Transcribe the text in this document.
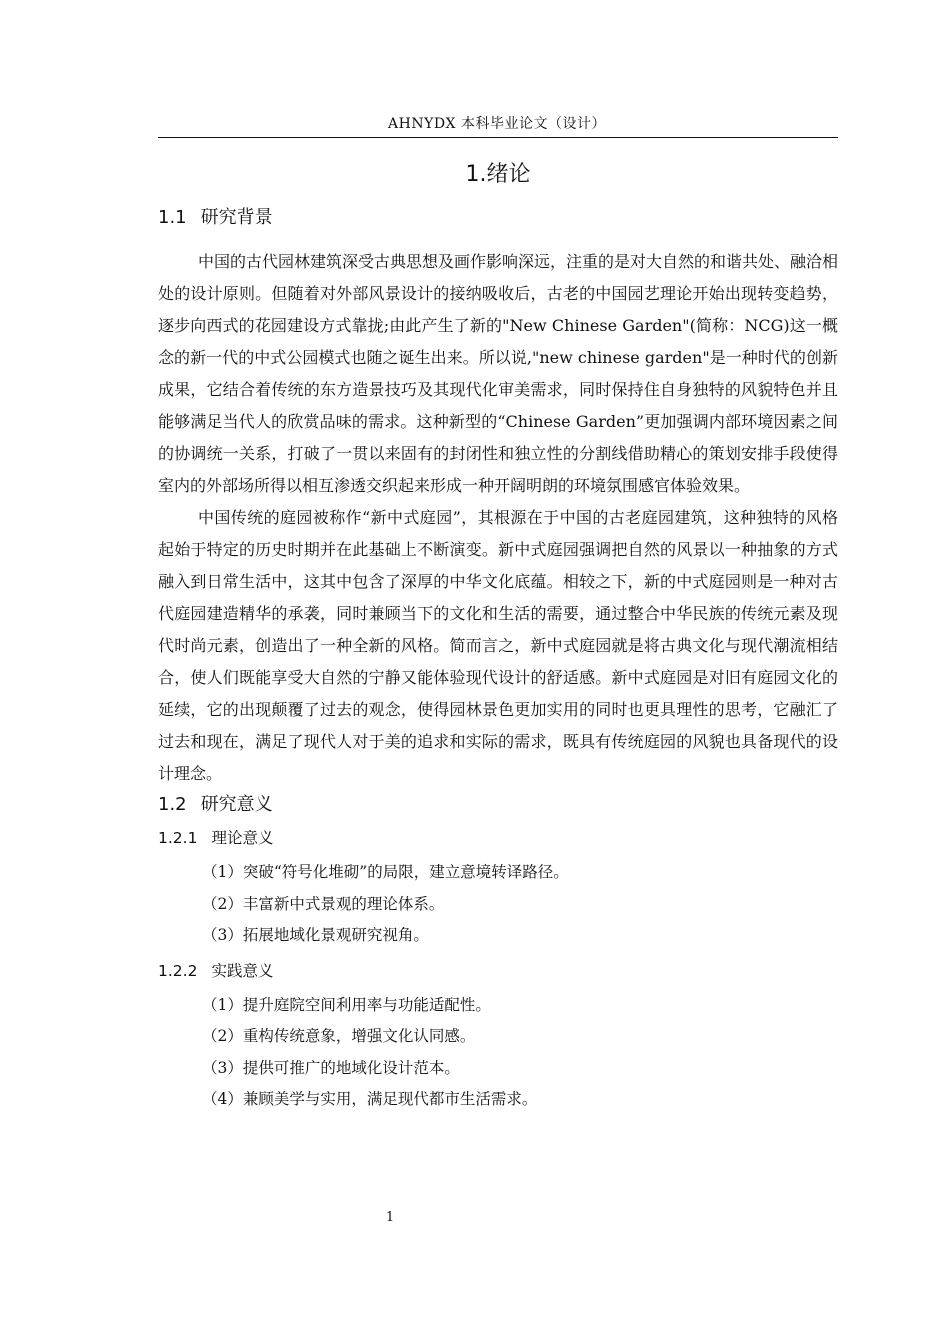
AHNYDX 本科毕业论文（设计）
1.绪论
1.1 研究背景

中国的古代园林建筑深受古典思想及画作影响深远，注重的是对大自然的和谐共处、融洽相处的设计原则。但随着对外部风景设计的接纳吸收后，古老的中国园艺理论开始出现转变趋势，逐步向西式的花园建设方式靠拢;由此产生了新的"New Chinese Garden"(简称：NCG)这一概念的新一代的中式公园模式也随之诞生出来。所以说,"new chinese garden"是一种时代的创新成果，它结合着传统的东方造景技巧及其现代化审美需求，同时保持住自身独特的风貌特色并且能够满足当代人的欣赏品味的需求。这种新型的“Chinese Garden”更加强调内部环境因素之间的协调统一关系，打破了一贯以来固有的封闭性和独立性的分割线借助精心的策划安排手段使得室内的外部场所得以相互渗透交织起来形成一种开阔明朗的环境氛围感官体验效果。

中国传统的庭园被称作“新中式庭园”，其根源在于中国的古老庭园建筑，这种独特的风格起始于特定的历史时期并在此基础上不断演变。新中式庭园强调把自然的风景以一种抽象的方式融入到日常生活中，这其中包含了深厚的中华文化底蕴。相较之下，新的中式庭园则是一种对古代庭园建造精华的承袭，同时兼顾当下的文化和生活的需要，通过整合中华民族的传统元素及现代时尚元素，创造出了一种全新的风格。简而言之，新中式庭园就是将古典文化与现代潮流相结合，使人们既能享受大自然的宁静又能体验现代设计的舒适感。新中式庭园是对旧有庭园文化的延续，它的出现颠覆了过去的观念，使得园林景色更加实用的同时也更具理性的思考，它融汇了过去和现在，满足了现代人对于美的追求和实际的需求，既具有传统庭园的风貌也具备现代的设计理念。

1.2 研究意义
1.2.1 理论意义
（1）突破“符号化堆砌”的局限，建立意境转译路径。
（2）丰富新中式景观的理论体系。
（3）拓展地域化景观研究视角。
1.2.2 实践意义
（1）提升庭院空间利用率与功能适配性。
（2）重构传统意象，增强文化认同感。
（3）提供可推广的地域化设计范本。
（4）兼顾美学与实用，满足现代都市生活需求。
1
